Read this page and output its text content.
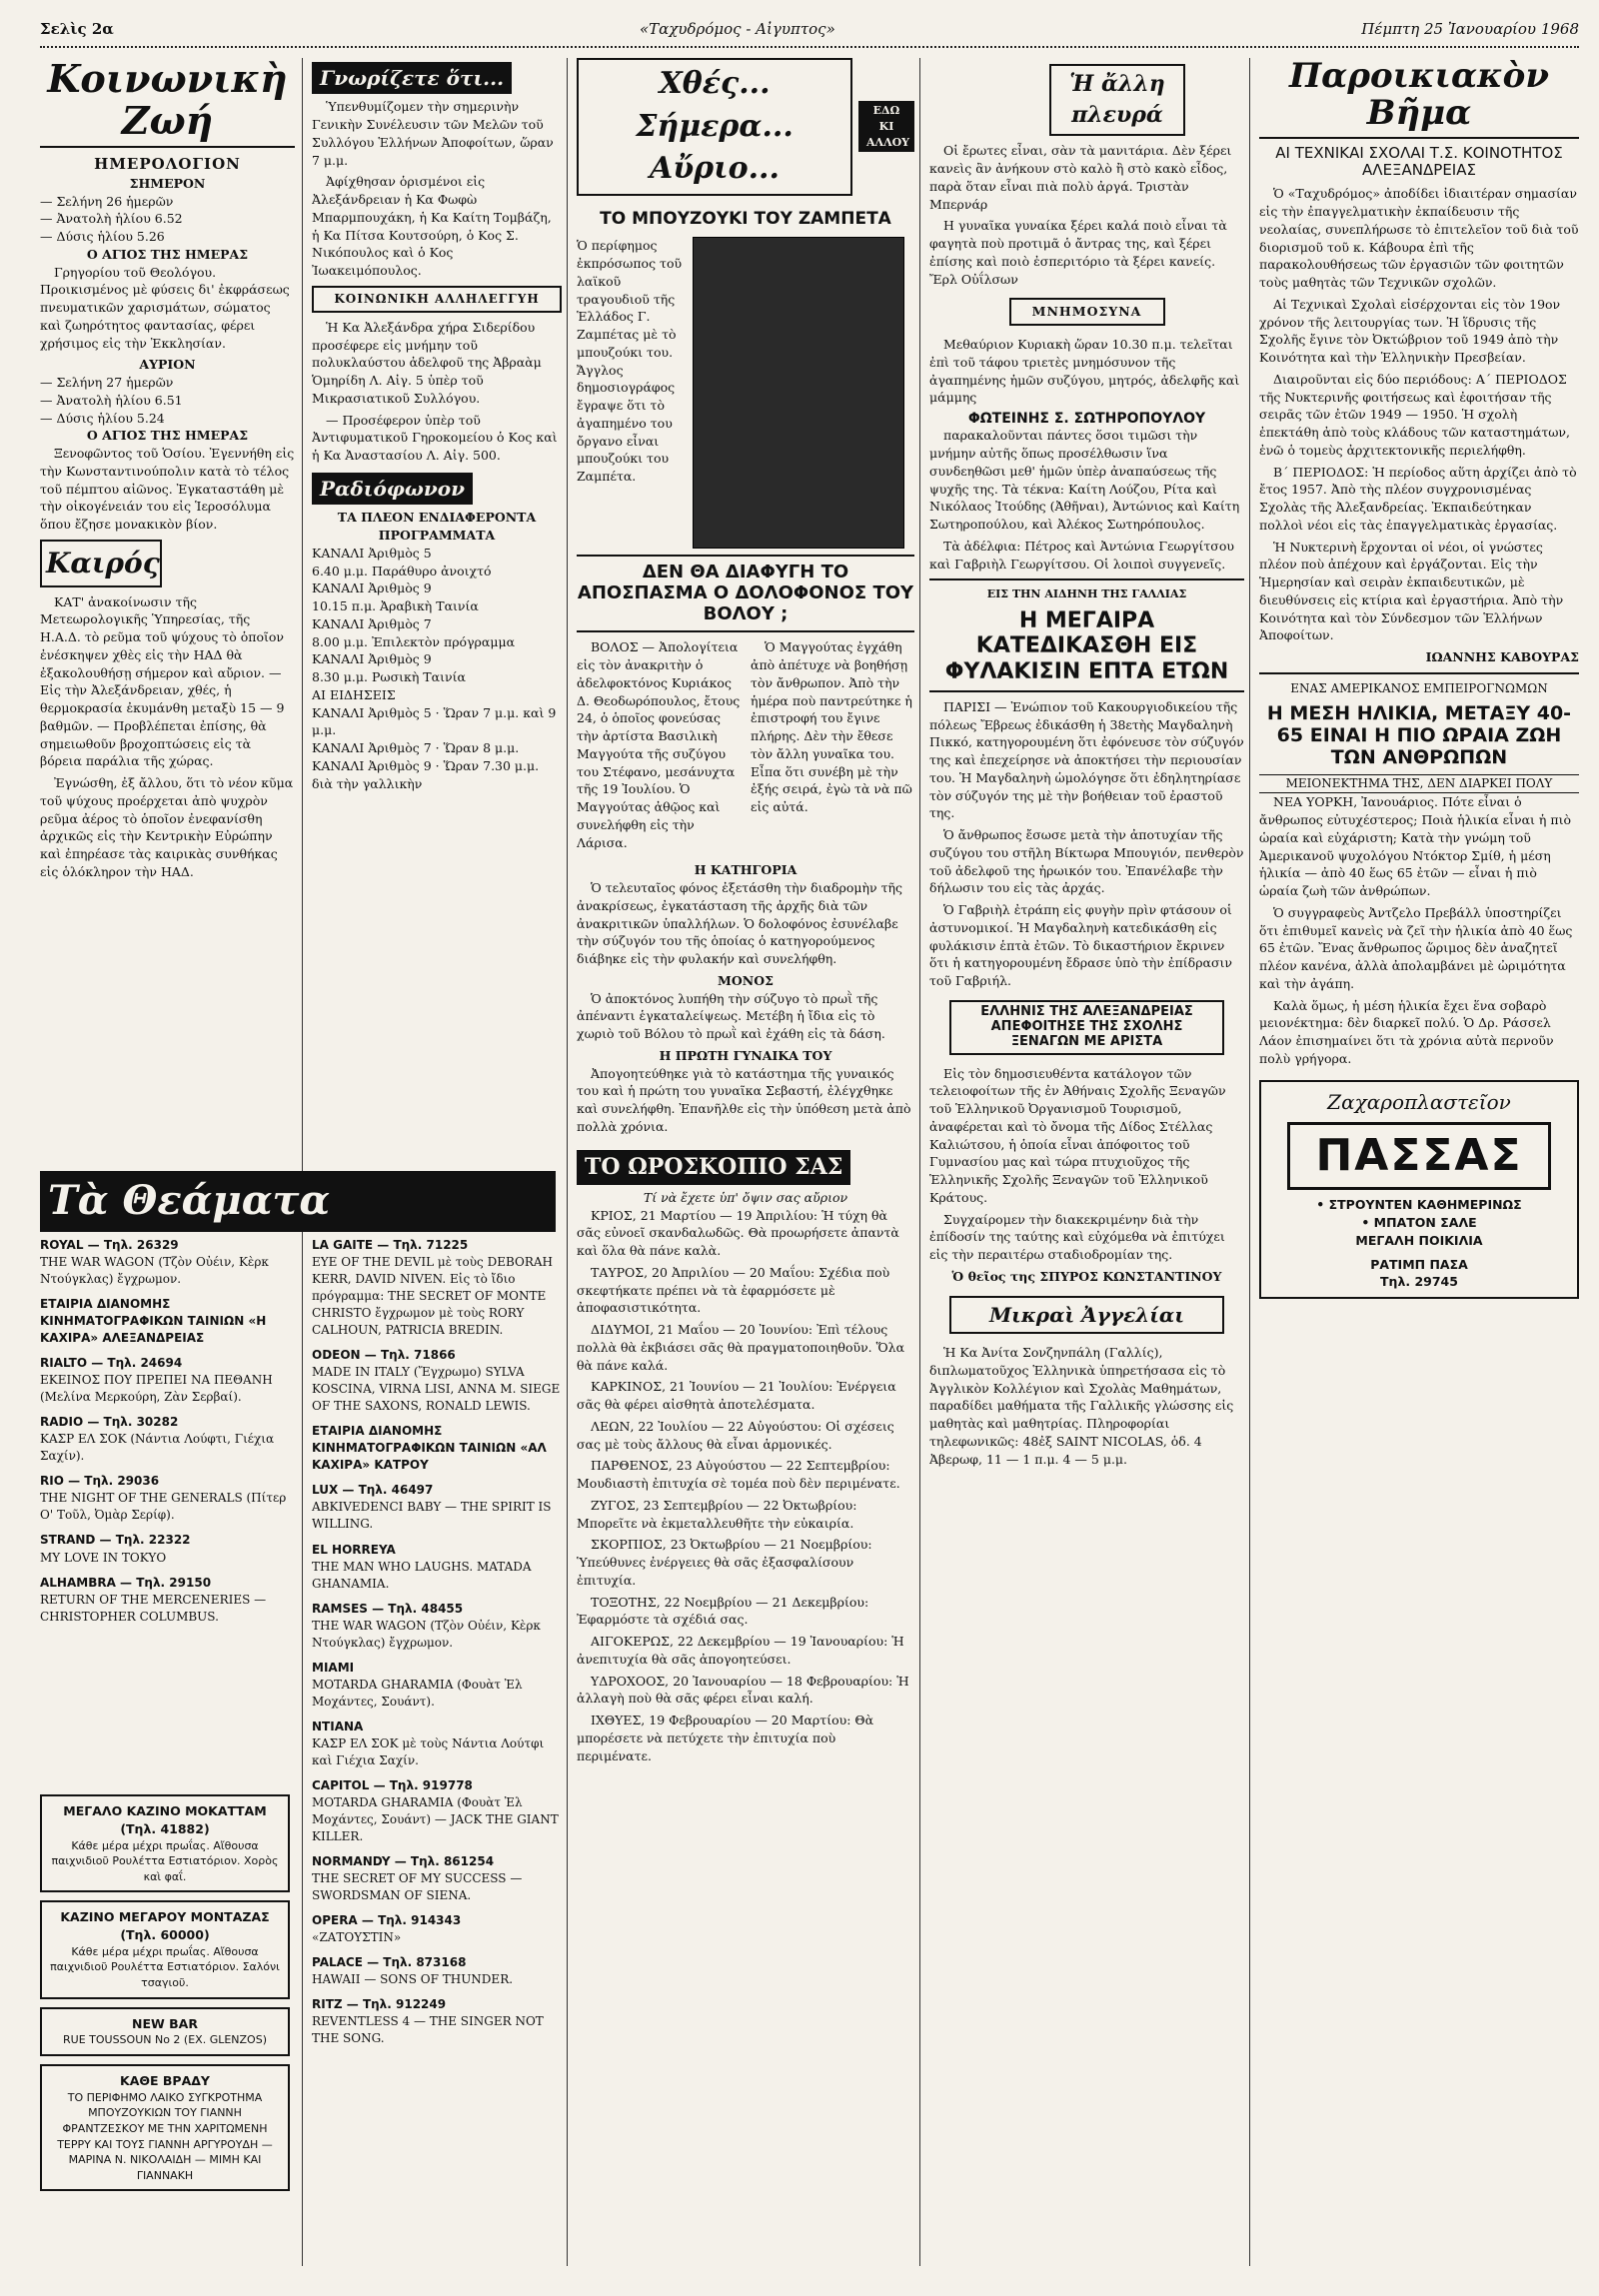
Σελὶς 2α	«Ταχυδρόμος - Αἰγυπτος»	Πέμπτη 25 Ἰανουαρίου 1968
Κοινωνικὴ Ζωή
ΗΜΕΡΟΛΟΓΙΟΝ
ΣΗΜΕΡΟΝ
— Σελήνη 26 ἡμερῶν
— Ἀνατολὴ ἡλίου 6.52
— Δύσις ἡλίου 5.26
Ο ΑΓΙΟΣ ΤΗΣ ΗΜΕΡΑΣ

Γρηγορίου τοῦ Θεολόγου. Προικισμένος μὲ φύσεις δι' ἐκφράσεως πνευματικῶν χαρισμάτων, σώματος καὶ ζωηρότητος φαντασίας, φέρει χρήσιμος εἰς τὴν Ἐκκλησίαν.

ΑΥΡΙΟΝ
— Σελήνη 27 ἡμερῶν
— Ἀνατολὴ ἡλίου 6.51
— Δύσις ἡλίου 5.24
Ο ΑΓΙΟΣ ΤΗΣ ΗΜΕΡΑΣ

Ξενοφῶντος τοῦ Ὁσίου. Ἐγεννήθη εἰς τὴν Κωνσταντινούπολιν κατὰ τὸ τέλος τοῦ πέμπτου αἰῶνος. Ἐγκαταστάθη μὲ τὴν οἰκογένειάν του εἰς Ἱεροσόλυμα ὅπου ἔζησε μονακικὸν βίον.

Καιρός

ΚΑΤ' ἀνακοίνωσιν τῆς Μετεωρολογικῆς Ὑπηρεσίας, τῆς Η.Α.Δ. τὸ ρεῦμα τοῦ ψύχους τὸ ὁποῖον ἐνέσκηψεν χθὲς εἰς τὴν ΗΑΔ θὰ ἐξακολουθήσῃ σήμερον καὶ αὔριον. — Εἰς τὴν Ἀλεξάνδρειαν, χθές, ἡ θερμοκρασία ἐκυμάνθη μεταξὺ 15 — 9 βαθμῶν. — Προβλέπεται ἐπίσης, θὰ σημειωθοῦν βροχοπτώσεις εἰς τὰ βόρεια παράλια τῆς χώρας.

Ἐγνώσθη, ἐξ ἄλλου, ὅτι τὸ νέον κῦμα τοῦ ψύχους προέρχεται ἀπὸ ψυχρὸν ρεῦμα ἀέρος τὸ ὁποῖον ἐνεφανίσθη ἀρχικῶς εἰς τὴν Κεντρικὴν Εὐρώπην καὶ ἐπηρέασε τὰς καιρικὰς συνθήκας εἰς ὁλόκληρον τὴν ΗΑΔ.

Γνωρίζετε ὅτι...

Ὑπενθυμίζομεν τὴν σημερινὴν Γενικὴν Συνέλευσιν τῶν Μελῶν τοῦ Συλλόγου Ἑλλήνων Ἀποφοίτων, ὥραν 7 μ.μ.

Ἀφίχθησαν ὁρισμένοι εἰς Ἀλεξάνδρειαν ἡ Κα Φωφὼ Μπαρμπουχάκη, ἡ Κα Καίτη Τομβάζη, ἡ Κα Πίτσα Κουτσούρη, ὁ Κος Σ. Νικόπουλος καὶ ὁ Κος Ἰωακειμόπουλος.

ΚΟΙΝΩΝΙΚΗ ΑΛΛΗΛΕΓΓΥΗ

Ἡ Κα Ἀλεξάνδρα χήρα Σιδερίδου προσέφερε εἰς μνήμην τοῦ πολυκλαύστου ἀδελφοῦ της Ἀβραὰμ Ὁμηρίδη Λ. Αἰγ. 5 ὑπὲρ τοῦ Μικρασιατικοῦ Συλλόγου.

— Προσέφερον ὑπὲρ τοῦ Ἀντιφυματικοῦ Γηροκομείου ὁ Κος καὶ ἡ Κα Ἀναστασίου Λ. Αἰγ. 500.

Ραδιόφωνον
ΤΑ ΠΛΕΟΝ ΕΝΔΙΑΦΕΡΟΝΤΑ ΠΡΟΓΡΑΜΜΑΤΑ
ΚΑΝΑΛΙ Ἀριθμὸς 5
6.40 μ.μ. Παράθυρο ἀνοιχτό
ΚΑΝΑΛΙ Ἀριθμὸς 9
10.15 π.μ. Ἀραβικὴ Ταινία
ΚΑΝΑΛΙ Ἀριθμὸς 7
8.00 μ.μ. Ἐπιλεκτὸν πρόγραμμα
ΚΑΝΑΛΙ Ἀριθμὸς 9
8.30 μ.μ. Ρωσικὴ Ταινία
ΑΙ ΕΙΔΗΣΕΙΣ
ΚΑΝΑΛΙ Ἀριθμὸς 5 · Ὥραν 7 μ.μ. καὶ 9 μ.μ.
ΚΑΝΑΛΙ Ἀριθμὸς 7 · Ὥραν 8 μ.μ.
ΚΑΝΑΛΙ Ἀριθμὸς 9 · Ὥραν 7.30 μ.μ. διὰ τὴν γαλλικὴν
Τὰ Θεάματα
ROYAL — Τηλ. 26329
THE WAR WAGON (Τζὸν Οὐέιν, Κὲρκ Ντούγκλας) ἔγχρωμον.
ΕΤΑΙΡΙΑ ΔΙΑΝΟΜΗΣ ΚΙΝΗΜΑΤΟΓΡΑΦΙΚΩΝ ΤΑΙΝΙΩΝ «Η ΚΑΧΙΡΑ» ΑΛΕΞΑΝΔΡΕΙΑΣ
RIALTO — Τηλ. 24694
ΕΚΕΙΝΟΣ ΠΟΥ ΠΡΕΠΕΙ ΝΑ ΠΕΘΑΝΗ (Μελίνα Μερκούρη, Ζὰν Σερβαί).
RADIO — Τηλ. 30282
ΚΑΣΡ ΕΛ ΣΟΚ (Νάντια Λούφτι, Γιέχια Σαχίν).
RIO — Τηλ. 29036
THE NIGHT OF THE GENERALS (Πίτερ Ο' Τοῦλ, Ὀμὰρ Σερίφ).
STRAND — Τηλ. 22322
MY LOVE IN TOKYO
ALHAMBRA — Τηλ. 29150
RETURN OF THE MERCENERIES — CHRISTOPHER COLUMBUS.
LA GAITE — Τηλ. 71225
EYE OF THE DEVIL μὲ τοὺς DEBORAH KERR, DAVID NIVEN. Εἰς τὸ ἴδιο πρόγραμμα: THE SECRET OF MONTE CHRISTO ἔγχρωμον μὲ τοὺς RORY CALHOUN, PATRICIA BREDIN.
ODEON — Τηλ. 71866
MADE IN ITALY (Ἔγχρωμο) SYLVA KOSCINA, VIRNA LISI, ANNA M. SIEGE OF THE SAXONS, RONALD LEWIS.
ΕΤΑΙΡΙΑ ΔΙΑΝΟΜΗΣ ΚΙΝΗΜΑΤΟΓΡΑΦΙΚΩΝ ΤΑΙΝΙΩΝ «ΑΛ ΚΑΧΙΡΑ» ΚΑΤΡΟΥ
LUX — Τηλ. 46497
ABKIVEDENCI BABY — THE SPIRIT IS WILLING.
EL HORREYA
THE MAN WHO LAUGHS. MATADA GHANAMIA.
RAMSES — Τηλ. 48455
THE WAR WAGON (Τζὸν Οὐέιν, Κὲρκ Ντούγκλας) ἔγχρωμον.
MIAMI
MOTARDA GHARAMIA (Φουὰτ Ἐλ Μοχάντες, Σουάντ).
NTIANA
ΚΑΣΡ ΕΛ ΣΟΚ μὲ τοὺς Νάντια Λούτφι καὶ Γιέχια Σαχίν.
CAPITOL — Τηλ. 919778
MOTARDA GHARAMIA (Φουὰτ Ἐλ Μοχάντες, Σουάντ) — JACK THE GIANT KILLER.
NORMANDY — Τηλ. 861254
THE SECRET OF MY SUCCESS — SWORDSMAN OF SIENA.
OPERA — Τηλ. 914343
«ΖΑΤΟΥΣΤΙΝ»
PALACE — Τηλ. 873168
HAWAII — SONS OF THUNDER.
RITZ — Τηλ. 912249
REVENTLESS 4 — THE SINGER NOT THE SONG.
ΜΕΓΑΛΟ ΚΑΖΙΝΟ ΜΟΚΑΤΤΑΜ (Τηλ. 41882)
Κάθε μέρα μέχρι πρωΐας. Αἴθουσα παιχνιδιοῦ Ρουλέττα Εστιατόριον. Χορὸς καὶ φαΐ.
ΚΑΖΙΝΟ ΜΕΓΑΡΟΥ ΜΟΝΤΑΖΑΣ (Τηλ. 60000)
Κάθε μέρα μέχρι πρωΐας. Αἴθουσα παιχνιδιοῦ Ρουλέττα Εστιατόριον. Σαλόνι τσαγιοῦ.
NEW BAR
RUE TOUSSOUN No 2 (EX. GLENZOS)
ΚΑΘΕ ΒΡΑΔΥ
ΤΟ ΠΕΡΙΦΗΜΟ ΛΑΙΚΟ ΣΥΓΚΡΟΤΗΜΑ ΜΠΟΥΖΟΥΚΙΩΝ ΤΟΥ ΓΙΑΝΝΗ ΦΡΑΝΤΖΕΣΚΟΥ ΜΕ ΤΗΝ ΧΑΡΙΤΩΜΕΝΗ ΤΕΡΡΥ ΚΑΙ ΤΟΥΣ ΓΙΑΝΝΗ ΑΡΓΥΡΟΥΔΗ — ΜΑΡΙΝΑ Ν. ΝΙΚΟΛΑΙΔΗ — ΜΙΜΗ ΚΑΙ ΓΙΑΝΝΑΚΗ
Χθές... Σήμερα... Αὔριο...
ΕΔΩ ΚΙ ΑΛΛΟΥ
ΤΟ ΜΠΟΥΖΟΥΚΙ ΤΟΥ ΖΑΜΠΕΤΑ

Ὁ περίφημος ἐκπρόσωπος τοῦ λαϊκοῦ τραγουδιοῦ τῆς Ἑλλάδος Γ. Ζαμπέτας μὲ τὸ μπουζούκι του. Ἄγγλος δημοσιογράφος ἔγραψε ὅτι τὸ ἀγαπημένο του ὄργανο εἶναι μπουζούκι του Ζαμπέτα.

ΔΕΝ ΘΑ ΔΙΑΦΥΓΗ ΤΟ ΑΠΟΣΠΑΣΜΑ Ο ΔΟΛΟΦΟΝΟΣ ΤΟΥ ΒΟΛΟΥ ;

ΒΟΛΟΣ — Ἀπολογίτεια εἰς τὸν ἀνακριτὴν ὁ ἀδελφοκτόνος Κυριάκος Δ. Θεοδωρόπουλος, ἔτους 24, ὁ ὁποῖος φονεύσας τὴν ἀρτίστα Βασιλικὴ Μαγγούτα τῆς συζύγου του Στέφανο, μεσάνυχτα τῆς 19 Ἰουλίου. Ὁ Μαγγούτας ἀθῷος καὶ συνελήφθη εἰς τὴν Λάρισα.

Ὁ Μαγγούτας ἐγχάθη ἀπὸ ἀπέτυχε νὰ βοηθήσῃ τὸν ἄνθρωπον. Ἀπὸ τὴν ἡμέρα ποὺ παντρεύτηκε ἡ ἐπιστροφή του ἔγινε πλήρης. Δὲν τὴν ἔθεσε τὸν ἄλλη γυναῖκα του. Εἶπα ὅτι συνέβη μὲ τὴν ἐξής σειρά, ἐγὼ τὰ νὰ πῶ εἰς αὐτά.

Η ΚΑΤΗΓΟΡΙΑ

Ὁ τελευταῖος φόνος ἐξετάσθη τὴν διαδρομὴν τῆς ἀνακρίσεως, ἐγκατάσταση τῆς ἀρχῆς διὰ τῶν ἀνακριτικῶν ὑπαλλήλων. Ὁ δολοφόνος ἐσυνέλαβε τὴν σύζυγόν του τῆς ὁποίας ὁ κατηγορούμενος διάβηκε εἰς τὴν φυλακήν καὶ συνελήφθη.

ΜΟΝΟΣ

Ὁ ἀποκτόνος λυπήθη τὴν σύζυγο τὸ πρωῒ τῆς ἀπέναντι ἑγκαταλείψεως. Μετέβη ἡ ἴδια εἰς τὸ χωριὸ τοῦ Βόλου τὸ πρωῒ καὶ ἐχάθη εἰς τὰ δάση.

Η ΠΡΩΤΗ ΓΥΝΑΙΚΑ ΤΟΥ

Ἀπογοητεύθηκε γιὰ τὸ κατάστημα τῆς γυναικός του καὶ ἡ πρώτη του γυναῖκα Σεβαστή, ἐλέγχθηκε καὶ συνελήφθη. Ἐπανῆλθε εἰς τὴν ὑπόθεση μετὰ ἀπὸ πολλὰ χρόνια.

ΤΟ ΩΡΟΣΚΟΠΙΟ ΣΑΣ
Τί νὰ ἔχετε ὑπ' ὄψιν σας αὔριον

ΚΡΙΟΣ, 21 Μαρτίου — 19 Ἀπριλίου: Ἡ τύχη θὰ σᾶς εὐνοεῖ σκανδαλωδῶς. Θὰ προωρήσετε ἀπαντὰ καὶ ὅλα θὰ πάνε καλὰ.

ΤΑΥΡΟΣ, 20 Ἀπριλίου — 20 Μαΐου: Σχέδια ποὺ σκεφτήκατε πρέπει νὰ τὰ ἐφαρμόσετε μὲ ἀποφασιστικότητα.

ΔΙΔΥΜΟΙ, 21 Μαΐου — 20 Ἰουνίου: Ἐπὶ τέλους πολλὰ θὰ ἐκβιάσει σᾶς θὰ πραγματοποιηθοῦν. Ὅλα θὰ πάνε καλά.

ΚΑΡΚΙΝΟΣ, 21 Ἰουνίου — 21 Ἰουλίου: Ἐνέργεια σᾶς θὰ φέρει αἰσθητὰ ἀποτελέσματα.

ΛΕΩΝ, 22 Ἰουλίου — 22 Αὐγούστου: Οἱ σχέσεις σας μὲ τοὺς ἄλλους θὰ εἶναι ἁρμονικές.

ΠΑΡΘΕΝΟΣ, 23 Αὐγούστου — 22 Σεπτεμβρίου: Μουδιαστὴ ἐπιτυχία σὲ τομέα ποὺ δὲν περιμένατε.

ΖΥΓΟΣ, 23 Σεπτεμβρίου — 22 Ὀκτωβρίου: Μπορεῖτε νὰ ἐκμεταλλευθῆτε τὴν εὐκαιρία.

ΣΚΟΡΠΙΟΣ, 23 Ὀκτωβρίου — 21 Νοεμβρίου: Ὑπεύθυνες ἐνέργειες θὰ σᾶς ἐξασφαλίσουν ἐπιτυχία.

ΤΟΞΟΤΗΣ, 22 Νοεμβρίου — 21 Δεκεμβρίου: Ἐφαρμόστε τὰ σχέδιά σας.

ΑΙΓΟΚΕΡΩΣ, 22 Δεκεμβρίου — 19 Ἰανουαρίου: Ἡ ἀνεπιτυχία θὰ σᾶς ἀπογοητεύσει.

ΥΔΡΟΧΟΟΣ, 20 Ἰανουαρίου — 18 Φεβρουαρίου: Ἡ ἀλλαγὴ ποὺ θὰ σᾶς φέρει εἶναι καλή.

ΙΧΘΥΕΣ, 19 Φεβρουαρίου — 20 Μαρτίου: Θὰ μπορέσετε νὰ πετύχετε τὴν ἐπιτυχία ποὺ περιμένατε.

Ἡ ἄλλη πλευρά

Οἱ ἔρωτες εἶναι, σὰν τὰ μανιτάρια. Δὲν ξέρει κανεὶς ἂν ἀνήκουν στὸ καλὸ ἢ στὸ κακὸ εἶδος, παρὰ ὅταν εἶναι πιὰ πολὺ ἀργά. Τριστὰν Μπερνάρ

Η γυναῖκα γυναίκα ξέρει καλά ποιὸ εἶναι τὰ φαγητὰ ποὺ προτιμᾶ ὁ ἄντρας της, καὶ ξέρει ἐπίσης καὶ ποιὸ ἐσπεριτόριο τὰ ξέρει κανείς. Ἔρλ Οὐΐλσων

ΜΝΗΜΟΣΥΝΑ

Μεθαύριον Κυριακὴ ὥραν 10.30 π.μ. τελεῖται ἐπὶ τοῦ τάφου τριετὲς μνημόσυνον τῆς ἀγαπημένης ἡμῶν συζύγου, μητρός, ἀδελφῆς καὶ μάμμης

ΦΩΤΕΙΝΗΣ Σ. ΣΩΤΗΡΟΠΟΥΛΟΥ

παρακαλοῦνται πάντες ὅσοι τιμῶσι τὴν μνήμην αὐτῆς ὅπως προσέλθωσιν ἵνα συνδεηθῶσι μεθ' ἡμῶν ὑπὲρ ἀναπαύσεως τῆς ψυχῆς της. Τὰ τέκνα: Καίτη Λούζου, Ρίτα καὶ Νικόλαος Ἰτούδης (Ἀθῆναι), Ἀντώνιος καὶ Καίτη Σωτηροπούλου, καὶ Ἀλέκος Σωτηρόπουλος.

Τὰ ἀδέλφια: Πέτρος καὶ Ἀντώνια Γεωργίτσου καὶ Γαβριὴλ Γεωργίτσου. Οἱ λοιποὶ συγγενεῖς.

ΕΙΣ ΤΗΝ ΑΙΔΗΝΗ ΤΗΣ ΓΑΛΛΙΑΣ
Η ΜΕΓΑΙΡΑ ΚΑΤΕΔΙΚΑΣΘΗ ΕΙΣ ΦΥΛΑΚΙΣΙΝ ΕΠΤΑ ΕΤΩΝ

ΠΑΡΙΣΙ — Ἐνώπιον τοῦ Κακουργιοδικείου τῆς πόλεως Ἔβρεως ἐδικάσθη ἡ 38ετὴς Μαγδαληνὴ Πικκό, κατηγορουμένη ὅτι ἐφόνευσε τὸν σύζυγόν της καὶ ἐπεχείρησε νὰ ἀποκτήσει τὴν περιουσίαν του. Ἡ Μαγδαληνὴ ὡμολόγησε ὅτι ἐδηλητηρίασε τὸν σύζυγόν της μὲ τὴν βοήθειαν τοῦ ἐραστοῦ της.

Ὁ ἄνθρωπος ἔσωσε μετὰ τὴν ἀποτυχίαν τῆς συζύγου του στῆλη Βίκτωρα Μπουγιόν, πενθερὸν τοῦ ἀδελφοῦ της ἡρωικόν του. Ἐπανέλαβε τὴν δήλωσιν του εἰς τὰς ἀρχάς.

Ὁ Γαβριὴλ ἐτράπη εἰς φυγὴν πρὶν φτάσουν οἱ ἀστυνομικοί. Ἡ Μαγδαληνὴ κατεδικάσθη εἰς φυλάκισιν ἑπτὰ ἐτῶν. Τὸ δικαστήριον ἔκρινεν ὅτι ἡ κατηγορουμένη ἔδρασε ὑπὸ τὴν ἐπίδρασιν τοῦ Γαβριήλ.

ΕΛΛΗΝΙΣ ΤΗΣ ΑΛΕΞΑΝΔΡΕΙΑΣ ΑΠΕΦΟΙΤΗΣΕ ΤΗΣ ΣΧΟΛΗΣ ΞΕΝΑΓΩΝ ΜΕ ΑΡΙΣΤΑ

Εἰς τὸν δημοσιευθέντα κατάλογον τῶν τελειοφοίτων τῆς ἐν Ἀθήναις Σχολῆς Ξεναγῶν τοῦ Ἑλληνικοῦ Ὀργανισμοῦ Τουρισμοῦ, ἀναφέρεται καὶ τὸ ὄνομα τῆς Δίδος Στέλλας Καλιώτσου, ἡ ὁποία εἶναι ἀπόφοιτος τοῦ Γυμνασίου μας καὶ τώρα πτυχιοῦχος τῆς Ἑλληνικῆς Σχολῆς Ξεναγῶν τοῦ Ἑλληνικοῦ Κράτους.

Συγχαίρομεν τὴν διακεκριμένην διὰ τὴν ἐπίδοσίν της ταύτης καὶ εὐχόμεθα νὰ ἐπιτύχει εἰς τὴν περαιτέρω σταδιοδρομίαν της.

Ὁ θεῖος της ΣΠΥΡΟΣ ΚΩΝΣΤΑΝΤΙΝΟΥ
Μικραὶ Ἀγγελίαι

Ἡ Κα Ἀνίτα Σονζηνπάλη (Γαλλίς), διπλωματοῦχος Ἑλληνικὰ ὑπηρετήσασα εἰς τὸ Ἀγγλικὸν Κολλέγιον καὶ Σχολὰς Μαθημάτων, παραδίδει μαθήματα τῆς Γαλλικῆς γλώσσης εἰς μαθητὰς καὶ μαθητρίας. Πληροφορίαι τηλεφωνικῶς: 48ἐξ SAINT NICOLAS, ὁδ. 4 Ἀβερωφ, 11 — 1 π.μ. 4 — 5 μ.μ.

Παροικιακὸν Βῆμα
ΑΙ ΤΕΧΝΙΚΑΙ ΣΧΟΛΑΙ Τ.Σ. ΚΟΙΝΟΤΗΤΟΣ ΑΛΕΞΑΝΔΡΕΙΑΣ

Ὁ «Ταχυδρόμος» ἀποδίδει ἰδιαιτέραν σημασίαν εἰς τὴν ἐπαγγελματικὴν ἐκπαίδευσιν τῆς νεολαίας, συνεπλήρωσε τὸ ἐπιτελεῖον τοῦ διὰ τοῦ διορισμοῦ τοῦ κ. Κάβουρα ἐπὶ τῆς παρακολουθήσεως τῶν ἐργασιῶν τῶν φοιτητῶν τοὺς μαθητὰς τῶν Τεχνικῶν σχολῶν.

Αἱ Τεχνικαὶ Σχολαὶ εἰσέρχονται εἰς τὸν 19ον χρόνον τῆς λειτουργίας των. Ἡ ἵδρυσις τῆς Σχολῆς ἔγινε τὸν Ὀκτώβριον τοῦ 1949 ἀπὸ τὴν Κοινότητα καὶ τὴν Ἑλληνικὴν Πρεσβείαν.

Διαιροῦνται εἰς δύο περιόδους: Α΄ ΠΕΡΙΟΔΟΣ τῆς Νυκτερινῆς φοιτήσεως καὶ ἐφοιτήσαν τῆς σειρᾶς τῶν ἐτῶν 1949 — 1950. Ἡ σχολὴ ἐπεκτάθη ἀπὸ τοὺς κλάδους τῶν καταστημάτων, ἐνῶ ὁ τομεὺς ἀρχιτεκτονικῆς περιελήφθη.

Β΄ ΠΕΡΙΟΔΟΣ: Ἡ περίοδος αὕτη ἀρχίζει ἀπὸ τὸ ἔτος 1957. Ἀπὸ τὴς πλέον συγχρονισμένας Σχολὰς τῆς Ἀλεξανδρείας. Ἐκπαιδεύτηκαν πολλοὶ νέοι εἰς τὰς ἐπαγγελματικὰς ἐργασίας.

Ἡ Νυκτερινὴ ἔρχονται οἱ νέοι, οἱ γνώστες πλέον ποὺ ἀπέχουν καὶ ἐργάζονται. Εἰς τὴν Ἡμερησίαν καὶ σειρὰν ἐκπαιδευτικῶν, μὲ διευθύνσεις εἰς κτίρια καὶ ἐργαστήρια. Ἀπὸ τὴν Κοινότητα καὶ τὸν Σύνδεσμον τῶν Ἑλλήνων Ἀποφοίτων.

ΙΩΑΝΝΗΣ ΚΑΒΟΥΡΑΣ
ΕΝΑΣ ΑΜΕΡΙΚΑΝΟΣ ΕΜΠΕΙΡΟΓΝΩΜΩΝ
Η ΜΕΣΗ ΗΛΙΚΙΑ, ΜΕΤΑΞΥ 40-65 ΕΙΝΑΙ Η ΠΙΟ ΩΡΑΙΑ ΖΩΗ ΤΩΝ ΑΝΘΡΩΠΩΝ
ΜΕΙΟΝΕΚΤΗΜΑ ΤΗΣ, ΔΕΝ ΔΙΑΡΚΕΙ ΠΟΛΥ

ΝΕΑ ΥΟΡΚΗ, Ἰανουάριος. Πότε εἶναι ὁ ἄνθρωπος εὐτυχέστερος; Ποιὰ ἡλικία εἶναι ἡ πιὸ ὡραία καὶ εὐχάριστη; Κατὰ τὴν γνώμη τοῦ Ἀμερικανοῦ ψυχολόγου Ντόκτορ Σμίθ, ἡ μέση ἡλικία — ἀπὸ 40 ἕως 65 ἐτῶν — εἶναι ἡ πιὸ ὡραία ζωὴ τῶν ἀνθρώπων.

Ὁ συγγραφεὺς Ἀντζελο Πρεβάλλ ὑποστηρίζει ὅτι ἐπιθυμεῖ κανεὶς νὰ ζεῖ τὴν ἡλικία ἀπὸ 40 ἕως 65 ἐτῶν. Ἔνας ἄνθρωπος ὥριμος δὲν ἀναζητεῖ πλέον κανένα, ἀλλὰ ἀπολαμβάνει μὲ ὠριμότητα καὶ τὴν ἀγάπη.

Καλὰ ὅμως, ἡ μέση ἡλικία ἔχει ἕνα σοβαρὸ μειονέκτημα: δὲν διαρκεῖ πολύ. Ὁ Δρ. Ράσσελ Λάον ἐπισημαίνει ὅτι τὰ χρόνια αὐτὰ περνοῦν πολὺ γρήγορα.

Ζαχαροπλαστεῖον
ΠΑΣΣΑΣ
• ΣΤΡΟΥΝΤΕΝ ΚΑΘΗΜΕΡΙΝΩΣ
• ΜΠΑΤΟΝ ΣΑΛΕ
ΜΕΓΑΛΗ ΠΟΙΚΙΛΙΑ
ΡΑΤΙΜΠ ΠΑΣΑ
Τηλ. 29745
